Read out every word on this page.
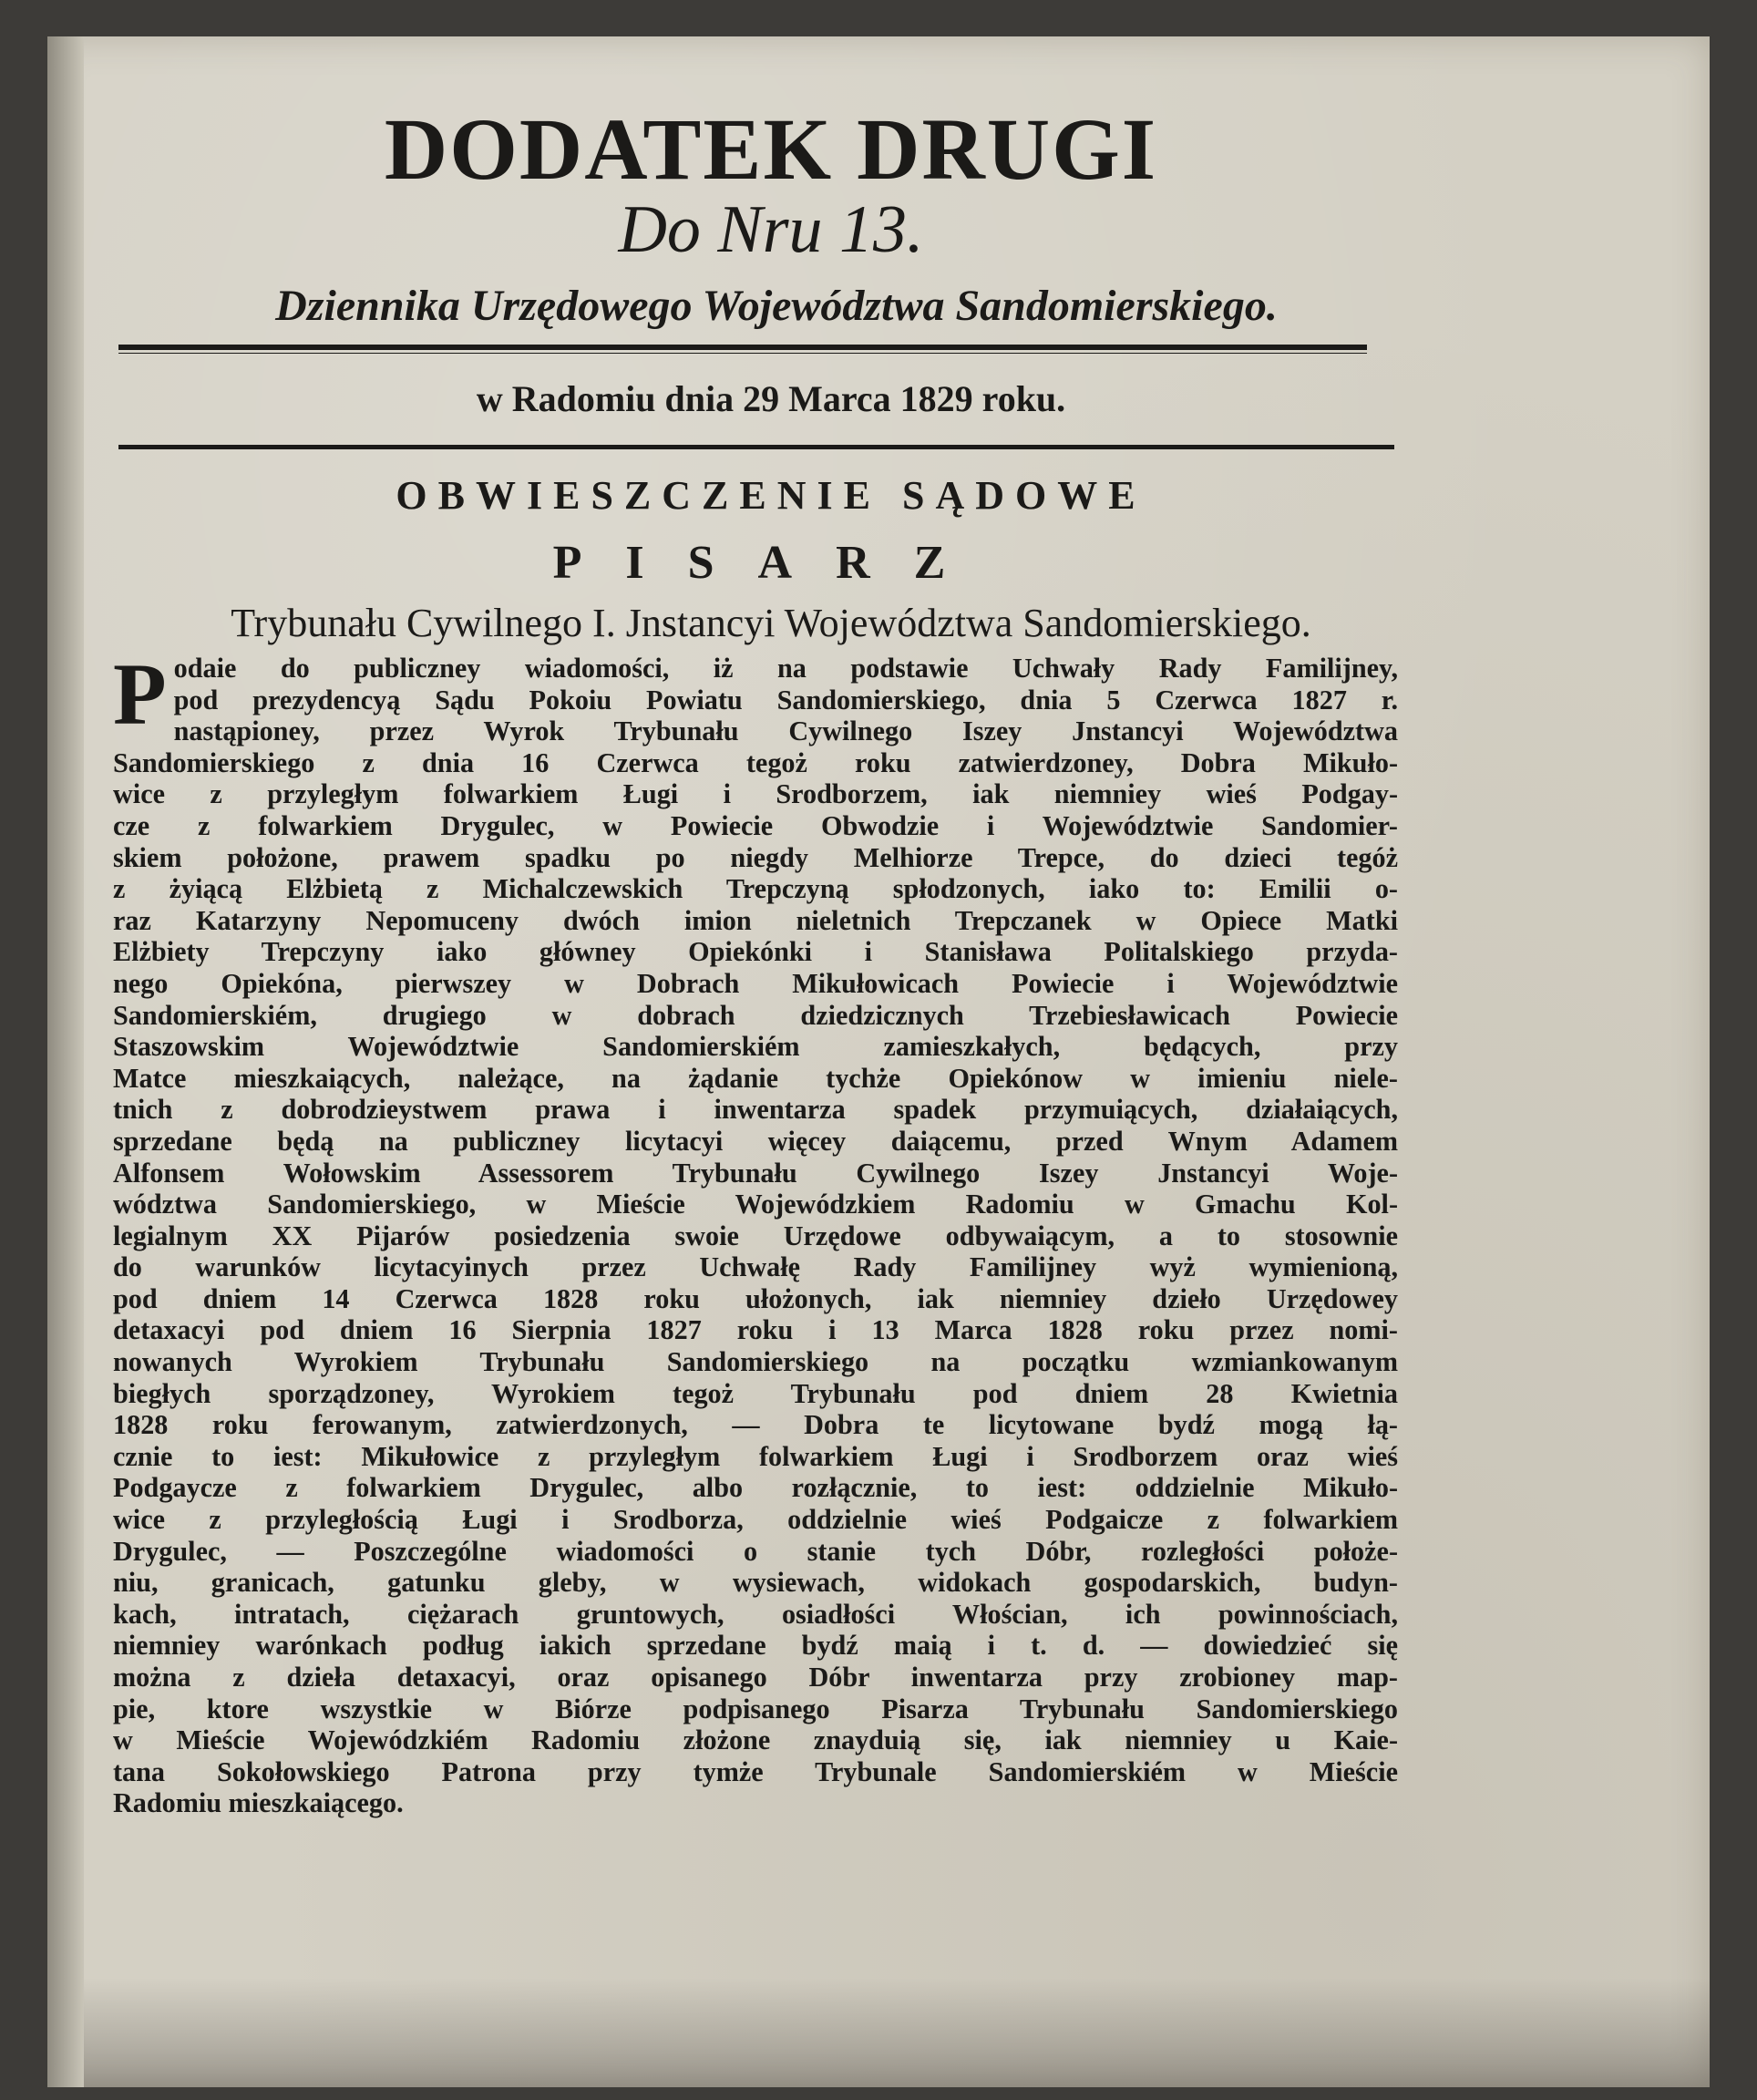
DODATEK DRUGI
Do Nru 13.
Dziennika Urzędowego Województwa Sandomierskiego.
w Radomiu dnia 29 Marca 1829 roku.
OBWIESZCZENIE SĄDOWE
PISARZ
Trybunału Cywilnego I. Jnstancyi Województwa Sandomierskiego.
P odaie do publiczney wiadomości, iż na podstawie Uchwały Rady Familijney,
pod prezydencyą Sądu Pokoiu Powiatu Sandomierskiego, dnia 5 Czerwca 1827 r.
nastąpioney, przez Wyrok Trybunału Cywilnego Iszey Jnstancyi Województwa
Sandomierskiego z dnia 16 Czerwca tegoż roku zatwierdzoney, Dobra Mikuło-
wice z przyległym folwarkiem Ługi i Srodborzem, iak niemniey wieś Podgay-
cze z folwarkiem Drygulec, w Powiecie Obwodzie i Województwie Sandomier-
skiem położone, prawem spadku po niegdy Melhiorze Trepce, do dzieci tegóż
z żyiącą Elżbietą z Michalczewskich Trepczyną spłodzonych, iako to: Emilii o-
raz Katarzyny Nepomuceny dwóch imion nieletnich Trepczanek w Opiece Matki
Elżbiety Trepczyny iako główney Opiekónki i Stanisława Politalskiego przyda-
nego Opiekóna, pierwszey w Dobrach Mikułowicach Powiecie i Województwie
Sandomierskiém, drugiego w dobrach dziedzicznych Trzebiesławicach Powiecie
Staszowskim Województwie Sandomierskiém zamieszkałych, będących, przy
Matce mieszkaiących, należące, na żądanie tychże Opiekónow w imieniu niele-
tnich z dobrodzieystwem prawa i inwentarza spadek przymuiących, działaiących,
sprzedane będą na publiczney licytacyi więcey daiącemu, przed Wnym Adamem
Alfonsem Wołowskim Assessorem Trybunału Cywilnego Iszey Jnstancyi Woje-
wództwa Sandomierskiego, w Mieście Wojewódzkiem Radomiu w Gmachu Kol-
legialnym XX Pijarów posiedzenia swoie Urzędowe odbywaiącym, a to stosownie
do warunków licytacyinych przez Uchwałę Rady Familijney wyż wymienioną,
pod dniem 14 Czerwca 1828 roku ułożonych, iak niemniey dzieło Urzędowey
detaxacyi pod dniem 16 Sierpnia 1827 roku i 13 Marca 1828 roku przez nomi-
nowanych Wyrokiem Trybunału Sandomierskiego na początku wzmiankowanym
biegłych sporządzoney, Wyrokiem tegoż Trybunału pod dniem 28 Kwietnia
1828 roku ferowanym, zatwierdzonych, — Dobra te licytowane bydź mogą łą-
cznie to iest: Mikułowice z przyległym folwarkiem Ługi i Srodborzem oraz wieś
Podgaycze z folwarkiem Drygulec, albo rozłącznie, to iest: oddzielnie Mikuło-
wice z przyległością Ługi i Srodborza, oddzielnie wieś Podgaicze z folwarkiem
Drygulec, — Poszczególne wiadomości o stanie tych Dóbr, rozległości położe-
niu, granicach, gatunku gleby, w wysiewach, widokach gospodarskich, budyn-
kach, intratach, ciężarach gruntowych, osiadłości Włościan, ich powinnościach,
niemniey warónkach podług iakich sprzedane bydź maią i t. d. — dowiedzieć się
można z dzieła detaxacyi, oraz opisanego Dóbr inwentarza przy zrobioney map-
pie, ktore wszystkie w Biórze podpisanego Pisarza Trybunału Sandomierskiego
w Mieście Wojewódzkiém Radomiu złożone znayduią się, iak niemniey u Kaie-
tana Sokołowskiego Patrona przy tymże Trybunale Sandomierskiém w Mieście
Radomiu mieszkaiącego.
